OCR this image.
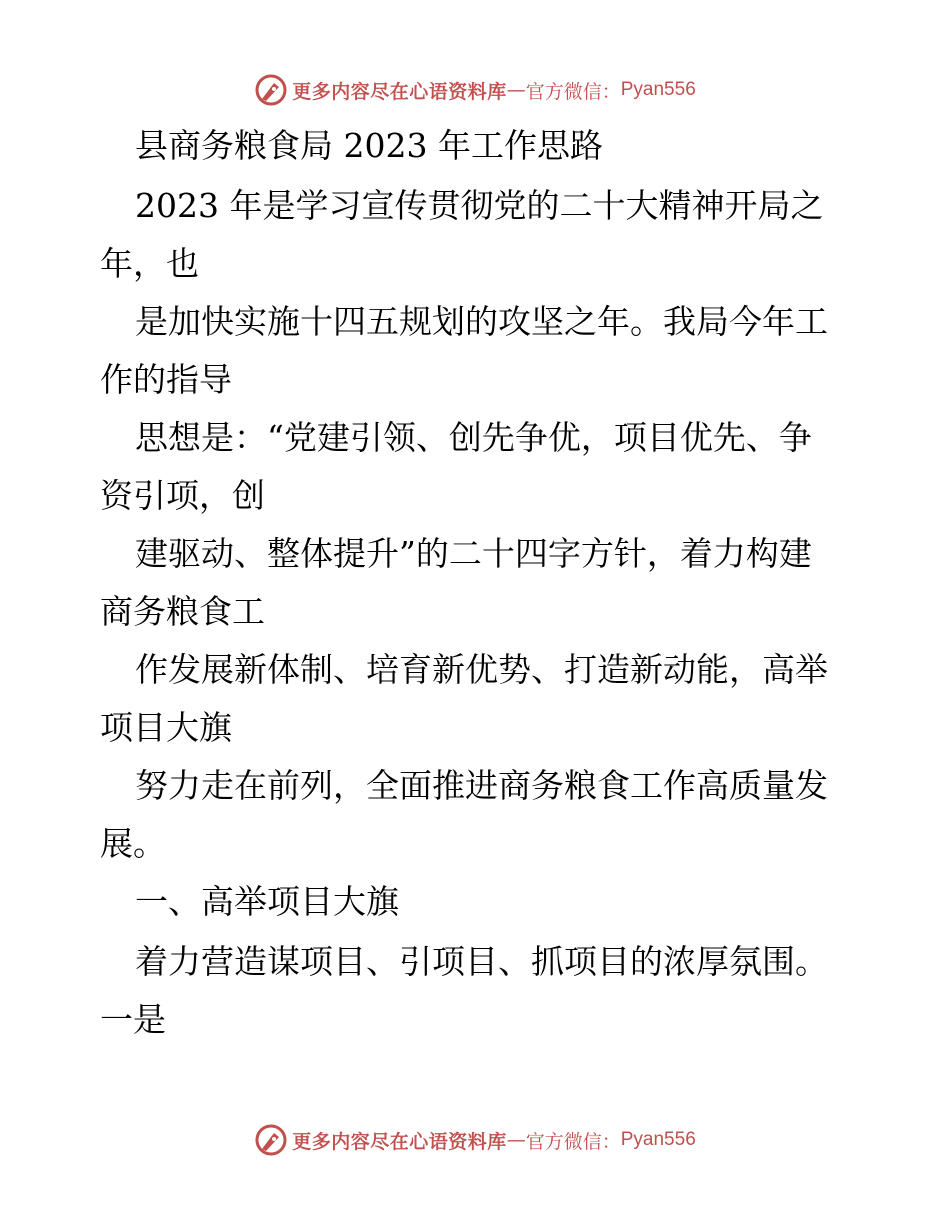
更多内容尽在心语资料库 — 官方微信： Pyan556
县商务粮食局 2023 年工作思路
2023 年是学习宣传贯彻党的二十大精神开局之
年，也
是加快实施十四五规划的攻坚之年。我局今年工
作的指导
思想是：“党建引领、创先争优，项目优先、争
资引项，创
建驱动、整体提升”的二十四字方针，着力构建
商务粮食工
作发展新体制、培育新优势、打造新动能，高举
项目大旗
努力走在前列，全面推进商务粮食工作高质量发
展。
一、高举项目大旗
着力营造谋项目、引项目、抓项目的浓厚氛围。
一是
更多内容尽在心语资料库 — 官方微信： Pyan556
